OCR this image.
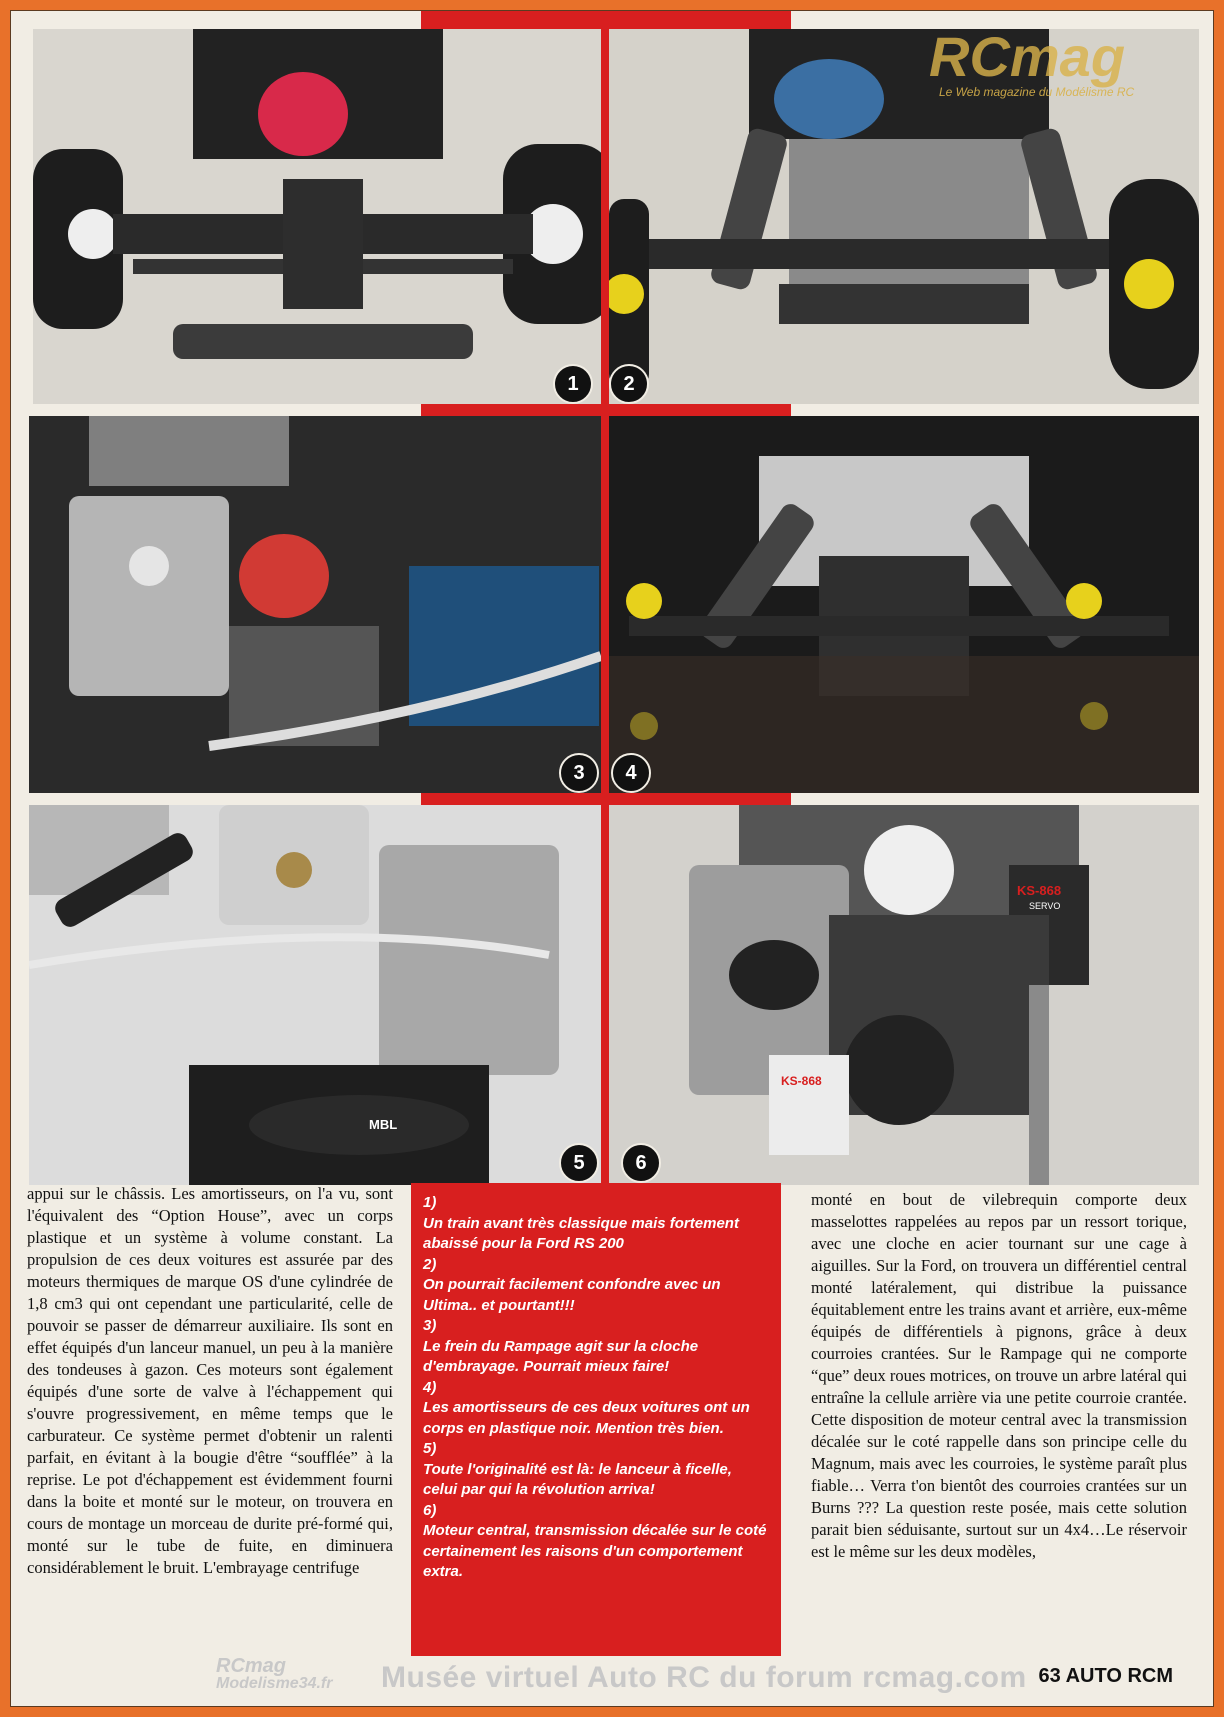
1
RCmag
Le Web magazine du Modélisme RC
2
3	4
MBL
5
KS-868
SERVO
KS-868
6

appui sur le châssis. Les amortisseurs, on l'a vu, sont l'équivalent des “Option House”, avec un corps plastique et un système à volume constant. La propulsion de ces deux voitures est assurée par des moteurs thermiques de marque OS d'une cylindrée de 1,8 cm3 qui ont cependant une particularité, celle de pouvoir se passer de démarreur auxiliaire. Ils sont en effet équipés d'un lanceur manuel, un peu à la manière des tondeuses à gazon. Ces moteurs sont également équipés d'une sorte de valve à l'échappement qui s'ouvre progressivement, en même temps que le carburateur. Ce système permet d'obtenir un ralenti parfait, en évitant à la bougie d'être “soufflée” à la reprise. Le pot d'échappement est évidemment fourni dans la boite et monté sur le moteur, on trouvera en cours de montage un morceau de durite pré-formé qui, monté sur le tube de fuite, en diminuera considérablement le bruit. L'embrayage centrifuge

1)
Un train avant très classique mais fortement abaissé pour la Ford RS 200
2)
On pourrait facilement confondre avec un Ultima.. et pourtant!!!
3)
Le frein du Rampage agit sur la cloche d'embrayage. Pourrait mieux faire!
4)
Les amortisseurs de ces deux voitures ont un corps en plastique noir. Mention très bien.
5)
Toute l'originalité est là: le lanceur à ficelle, celui par qui la révolution arriva!
6)
Moteur central, transmission décalée sur le coté certainement les raisons d'un comportement extra.

monté en bout de vilebrequin comporte deux masselottes rappelées au repos par un ressort torique, avec une cloche en acier tournant sur une cage à aiguilles. Sur la Ford, on trouvera un différentiel central monté latéralement, qui distribue la puissance équitablement entre les trains avant et arrière, eux-même équipés de différentiels à pignons, grâce à deux courroies crantées. Sur le Rampage qui ne comporte “que” deux roues motrices, on trouve un arbre latéral qui entraîne la cellule arrière via une petite courroie crantée. Cette disposition de moteur central avec la transmission décalée sur le coté rappelle dans son principe celle du Magnum, mais avec les courroies, le système paraît plus fiable… Verra t'on bientôt des courroies crantées sur un Burns ??? La question reste posée, mais cette solution parait bien séduisante, surtout sur un 4x4…Le réservoir est le même sur les deux modèles,

RCmag
Modelisme34.fr Musée virtuel Auto RC du forum rcmag.com 63 AUTO RCM
